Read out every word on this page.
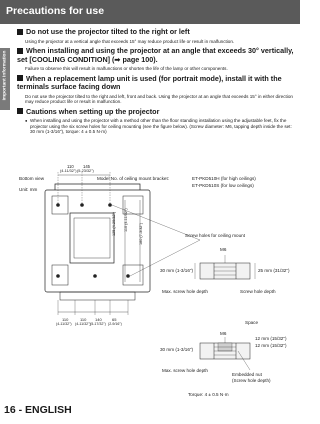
Precautions for use
Important Information
Do not use the projector tilted to the right or left
Using the projector at a vertical angle that exceeds 15° may reduce product life or result in malfunction.
When installing and using the projector at an angle that exceeds 30° vertically, set [COOLING CONDITION] (➡ page 100).
Failure to observe this will result in malfunctions or shorten the life of the lamp or other components.
When a replacement lamp unit is used (for portrait mode), install it with the terminals surface facing down
Do not use the projector tilted to the right and left, front and back. Using the projector at an angle that exceeds 15° in either direction may reduce product life or result in malfunction.
Cautions when setting up the projector
● When installing and using the projector with a method other than the floor standing installation using the adjustable feet, fix the projector using the six screw holes for ceiling mounting (see the figure below). (Screw diameter: M6, tapping depth inside the set: 30 mm (1-3/16"), torque: 4 ± 0.5 N·m)
Bottom view
Unit: mm
Model No. of ceiling mount bracket:	ET-PKD510H (for high ceilings)
ET-PKD510S (for low ceilings)
110
(4-11/32")
145
(5-23/32")
110 (4-11/32")
180 (7-3/32")
125 (4-29/32")
110
(4-11/32")
110
(4-11/32")
140
(5-17/32")
65
(2-9/16")
Screw holes for ceiling mount
M6
30 mm (1-3/16")	25 mm (31/32")
Max. screw hole depth	Screw hole depth
M6
Space
12 mm (15/32")
12 mm (15/32")
30 mm (1-3/16")
Max. screw hole depth
Embedded nut
(Screw hole depth)
Torque: 4 ± 0.5 N·m
16 - ENGLISH
